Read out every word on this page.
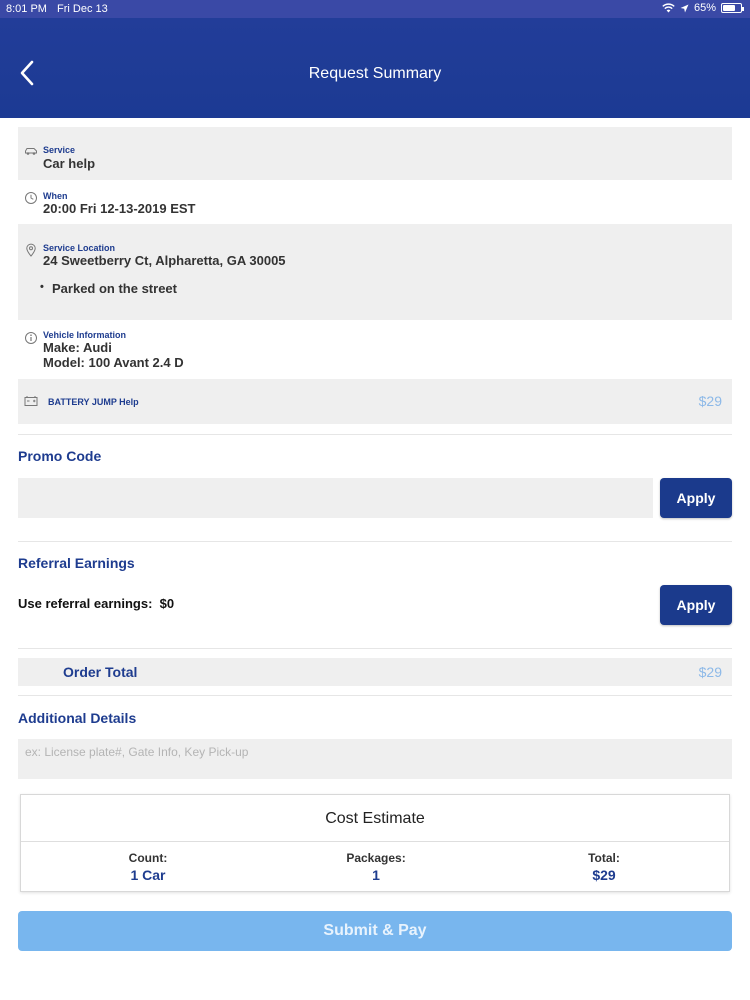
8:01 PM Fri Dec 13	65%
Request Summary
Service
Car help
When
20:00 Fri 12-13-2019 EST
Service Location
24 Sweetberry Ct, Alpharetta, GA 30005
• Parked on the street
Vehicle Information
Make: Audi
Model: 100 Avant 2.4 D
BATTERY JUMP Help	$29
Promo Code
Apply
Referral Earnings
Use referral earnings:  $0	Apply
Order Total	$29
Additional Details
ex: License plate#, Gate Info, Key Pick-up
Cost Estimate
Count:
1 Car
Packages:
1
Total:
$29
Submit & Pay
